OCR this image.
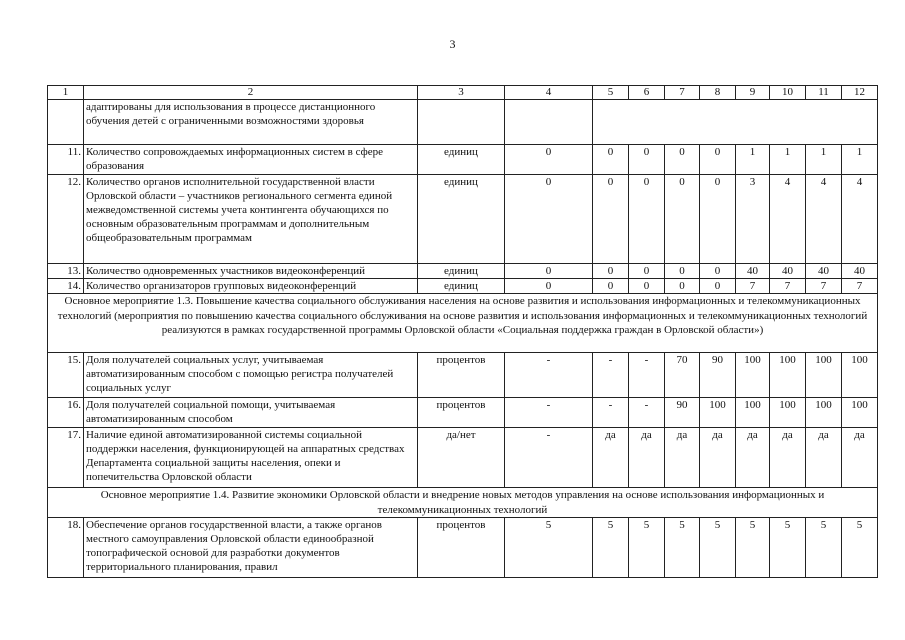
3
1	2	3	4	5	6	7	8	9	10	11	12
	адаптированы для использования в процессе дистанционного обучения детей с ограниченными возможностями здоровья										
11.	Количество сопровождаемых информационных систем в сфере образования	единиц	0	0	0	0	0	1	1	1	1
12.	Количество органов исполнительной государственной власти Орловской области – участников регионального сегмента единой межведомственной системы учета контингента обучающихся по основным образовательным программам и дополнительным общеобразовательным программам	единиц	0	0	0	0	0	3	4	4	4
13.	Количество одновременных участников видеоконференций	единиц	0	0	0	0	0	40	40	40	40
14.	Количество организаторов групповых видеоконференций	единиц	0	0	0	0	0	7	7	7	7
Основное мероприятие 1.3. Повышение качества социального обслуживания населения на основе развития и использования информационных и телекоммуникационных технологий (мероприятия по повышению качества социального обслуживания на основе развития и использования информационных и телекоммуникационных технологий реализуются в рамках государственной программы Орловской области «Социальная поддержка граждан в Орловской области»)											
15.	Доля получателей социальных услуг, учитываемая автоматизированным способом с помощью регистра получателей социальных услуг	процентов	-	-	-	70	90	100	100	100	100
16.	Доля получателей социальной помощи, учитываемая автоматизированным способом	процентов	-	-	-	90	100	100	100	100	100
17.	Наличие единой автоматизированной системы социальной поддержки населения, функционирующей на аппаратных средствах Департамента социальной защиты населения, опеки и попечительства Орловской области	да/нет	-	да	да	да	да	да	да	да	да
Основное мероприятие 1.4. Развитие экономики Орловской области и внедрение новых методов управления на основе использования информационных и телекоммуникационных технологий											
18.	Обеспечение органов государственной власти, а также органов местного самоуправления Орловской области единообразной топографической основой для разработки документов территориального планирования, правил	процентов	5	5	5	5	5	5	5	5	5
